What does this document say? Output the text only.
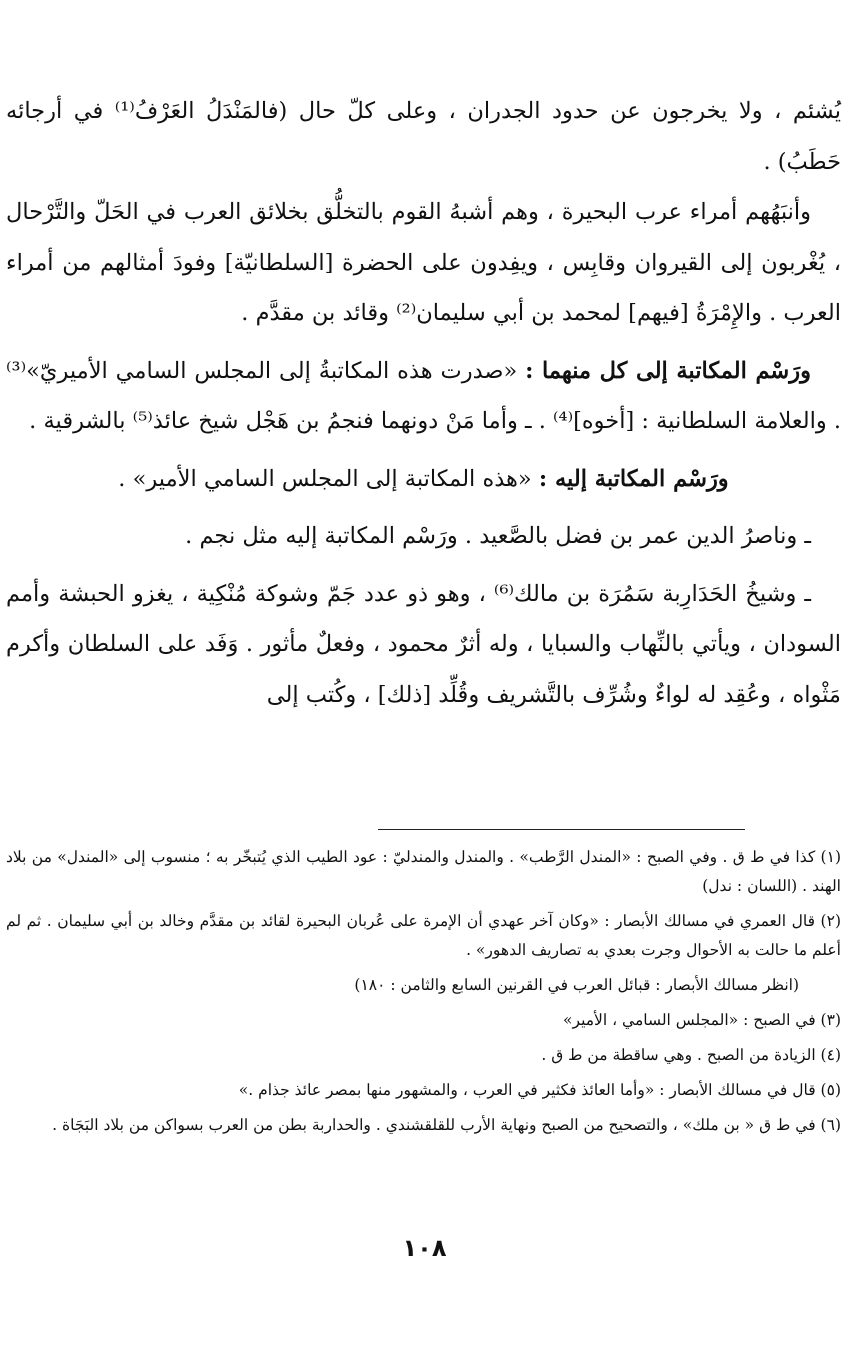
يُشئم ، ولا يخرجون عن حدود الجدران ، وعلى كلّ حال (فالمَنْدَلُ العَرْفُ⁽¹⁾ في أرجائه حَطَبُ) .

وأنبَهُهم أمراء عرب البحيرة ، وهم أشبهُ القوم بالتخلُّق بخلائق العرب في الحَلّ والتَّرْحال ، يُغْربون إلى القيروان وقابِس ، ويفِدون على الحضرة [السلطانيّة] وفودَ أمثالهم من أمراء العرب . والإِمْرَةُ [فيهم] لمحمد بن أبي سليمان⁽²⁾ وقائد بن مقدَّم .

ورَسْم المكاتبة إلى كل منهما : «صدرت هذه المكاتبةُ إلى المجلس السامي الأميريّ»⁽³⁾ . والعلامة السلطانية : [أخوه]⁽⁴⁾ . ـ وأما مَنْ دونهما فنجمُ بن هَجْل شيخ عائذ⁽⁵⁾ بالشرقية .

ورَسْم المكاتبة إليه : «هذه المكاتبة إلى المجلس السامي الأمير» .

ـ وناصرُ الدين عمر بن فضل بالصَّعيد . ورَسْم المكاتبة إليه مثل نجم .

ـ وشيخُ الحَدَارِبة سَمُرَة بن مالك⁽⁶⁾ ، وهو ذو عدد جَمّ وشوكة مُنْكِية ، يغزو الحبشة وأمم السودان ، ويأتي بالنِّهاب والسبايا ، وله أثرٌ محمود ، وفعلٌ مأثور . وَفَد على السلطان وأكرم مَثْواه ، وعُقِد له لواءٌ وشُرِّف بالتَّشريف وقُلِّد [ذلك] ، وكُتب إلى

(١) كذا في ط ق . وفي الصبح : «المندل الرَّطب» . والمندل والمندليّ : عود الطيب الذي يُتبخّر به ؛ منسوب إلى «المندل» من بلاد الهند . (اللسان : ندل)

(٢) قال العمري في مسالك الأبصار : «وكان آخر عهدي أن الإمرة على عُربان البحيرة لقائد بن مقدَّم وخالد بن أبي سليمان . ثم لم أعلم ما حالت به الأحوال وجرت بعدي به تصاريف الدهور» .

(انظر مسالك الأبصار : قبائل العرب في القرنين السابع والثامن : ١٨٠)

(٣) في الصبح : «المجلس السامي ، الأمير»

(٤) الزيادة من الصبح . وهي ساقطة من ط ق .

(٥) قال في مسالك الأبصار : «وأما العائذ فكثير في العرب ، والمشهور منها بمصر عائذ جذام .»

(٦) في ط ق « بن ملك» ، والتصحيح من الصبح ونهاية الأرب للقلقشندي . والحداربة بطن من العرب بسواكن من بلاد البَجَاة .

١٠٨
